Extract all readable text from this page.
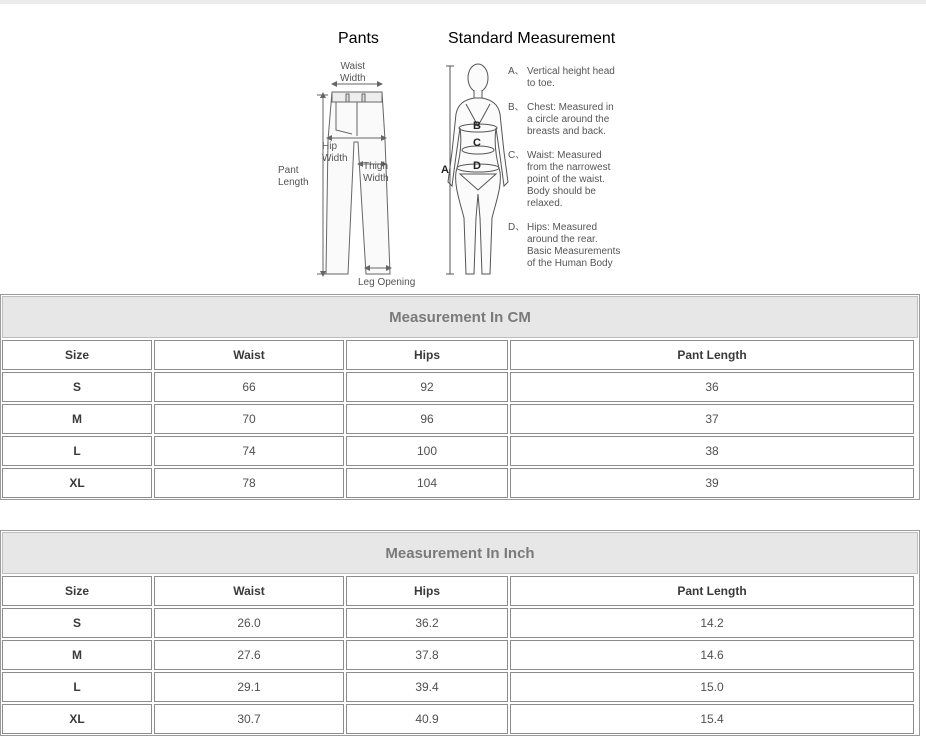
Pants	Standard Measurement
Waist
Width
Hip
Width
Thigh
Width
Pant
Length
Leg Opening
A
B
C
D
A、 Vertical height head
to toe.
B、 Chest: Measured in
a circle around the
breasts and back.
C、 Waist: Measured
from the narrowest
point of the waist.
Body should be
relaxed.
D、 Hips: Measured
around the rear.
Basic Measurements
of the Human Body
Measurement In CM
Size	Waist	Hips	Pant Length
S	66	92	36
M	70	96	37
L	74	100	38
XL	78	104	39
Measurement In Inch
Size	Waist	Hips	Pant Length
S	26.0	36.2	14.2
M	27.6	37.8	14.6
L	29.1	39.4	15.0
XL	30.7	40.9	15.4
